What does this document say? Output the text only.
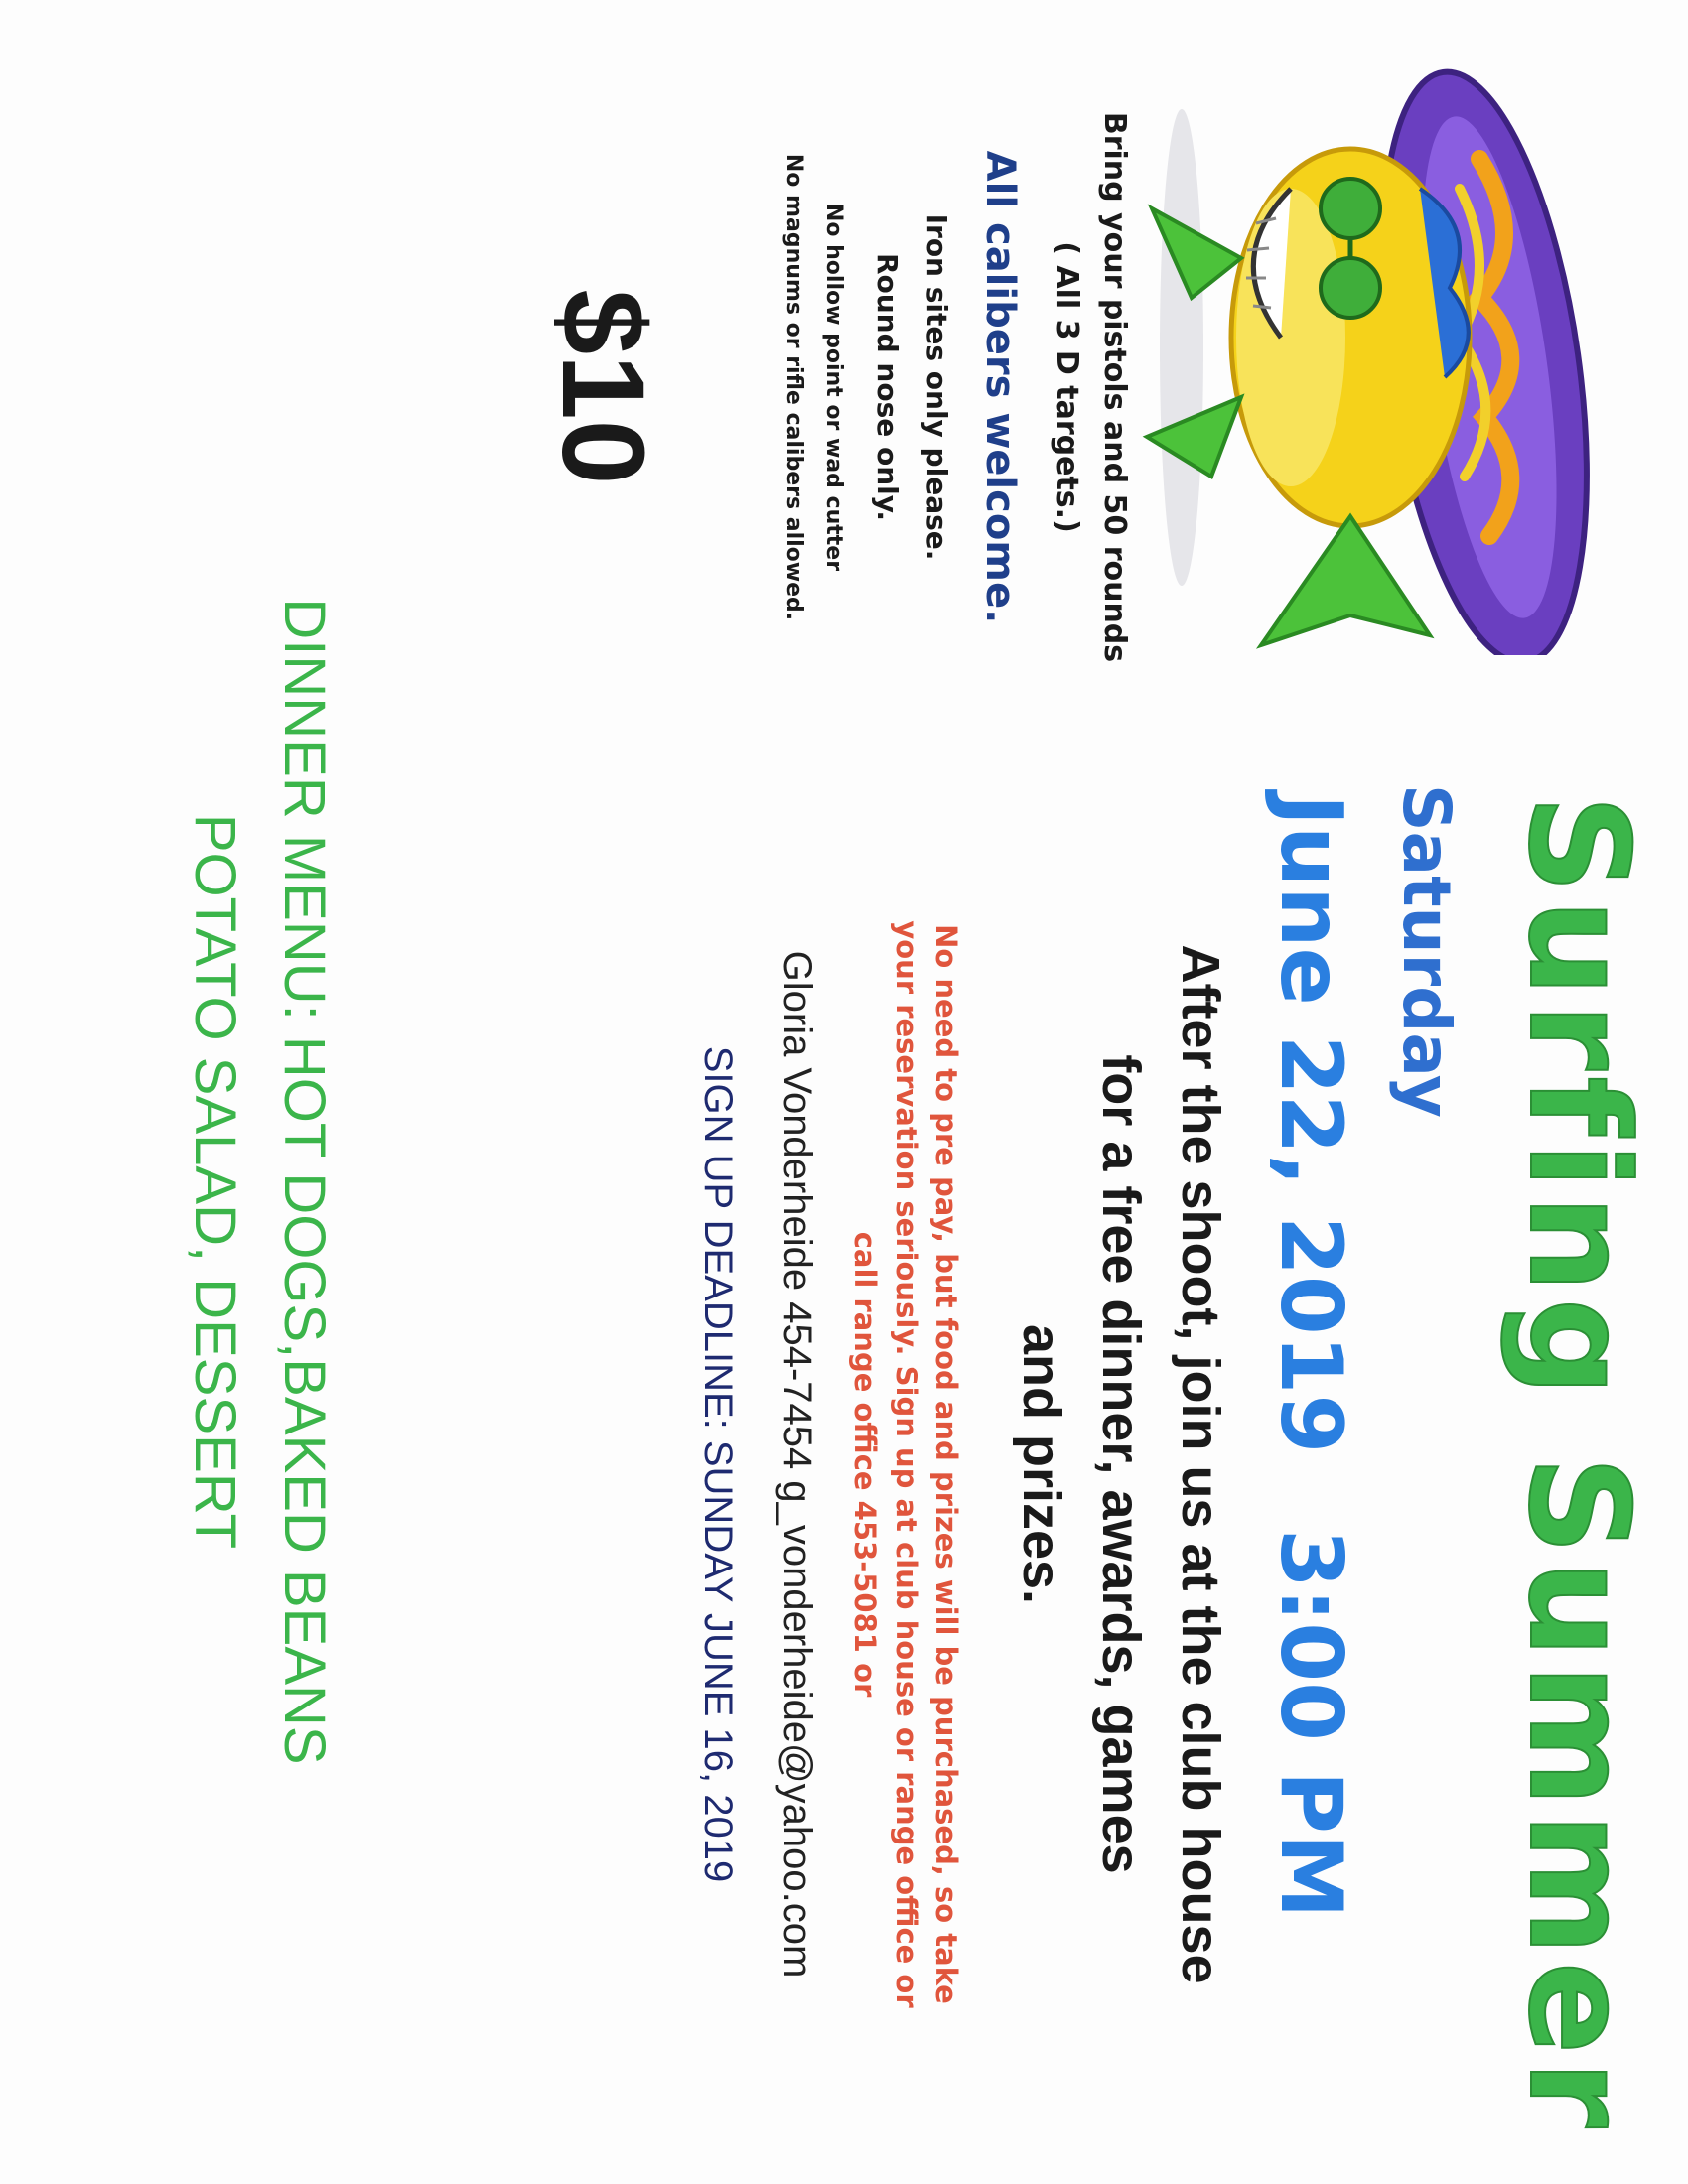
Bring your pistols and 50 rounds
( All 3 D targets.)
All calibers welcome.
Iron sites only please.
Round nose only.
No hollow point or wad cutter
No magnums or rifle calibers allowed.
$10
Surfing Summer
Saturday
June 22, 2019
3:00 PM
After the shoot, join us at the club house
for a free dinner, awards, games
and prizes.
No need to pre pay, but food and prizes will be purchased, so take
your reservation seriously. Sign up at club house or range office or
call range office 453-5081 or
Gloria Vonderheide 454-7454 g_vonderheide@yahoo.com
SIGN UP DEADLINE: SUNDAY JUNE 16, 2019
DINNER MENU: HOT DOGS,BAKED BEANS
POTATO SALAD, DESSERT
